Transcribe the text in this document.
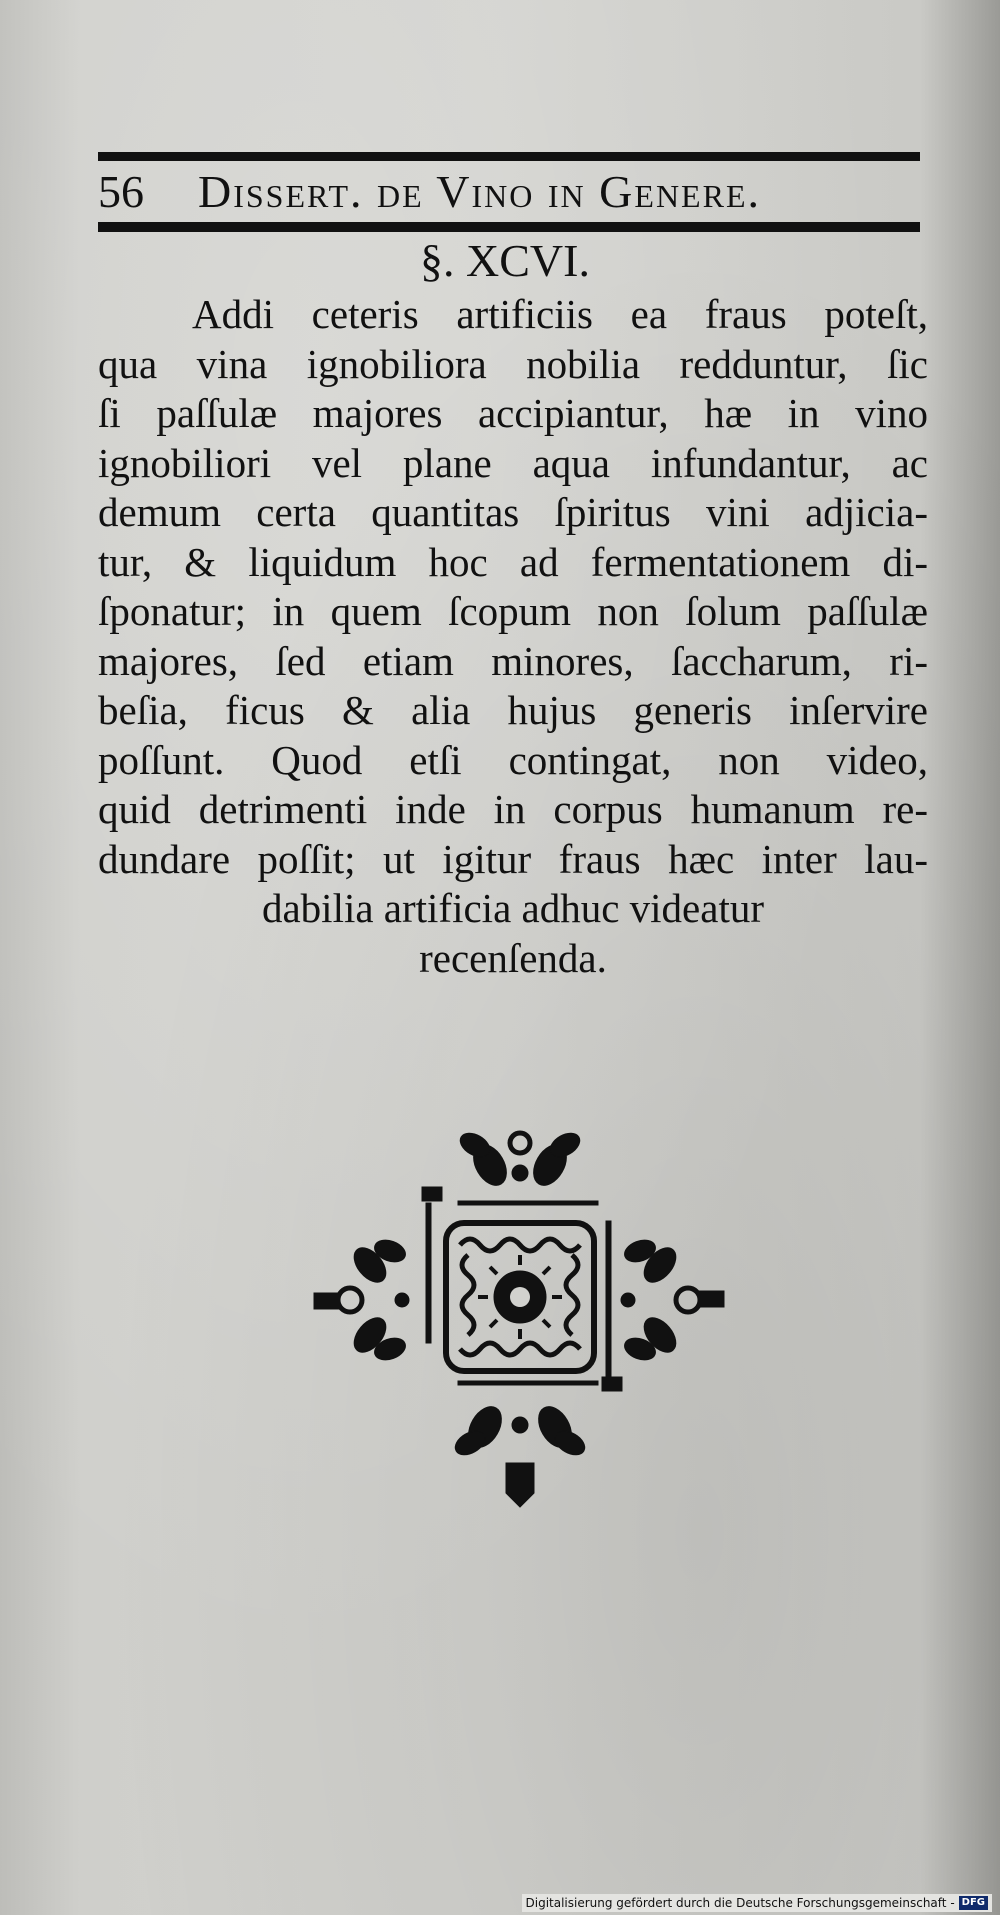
56 Dissert. de Vino in Genere.
§. XCVI.
Addi ceteris artificiis ea fraus poteſt,
qua vina ignobiliora nobilia redduntur, ſic
ſi paſſulæ majores accipiantur, hæ in vino
ignobiliori vel plane aqua infundantur, ac
demum certa quantitas ſpiritus vini adjicia-
tur, & liquidum hoc ad fermentationem di-
ſponatur; in quem ſcopum non ſolum paſſulæ
majores, ſed etiam minores, ſaccharum, ri-
beſia, ficus & alia hujus generis inſervire
poſſunt. Quod etſi contingat, non video,
quid detrimenti inde in corpus humanum re-
dundare poſſit; ut igitur fraus hæc inter lau-
dabilia artificia adhuc videatur
recenſenda.
Digitalisierung gefördert durch die Deutsche Forschungsgemeinschaft - DFG
